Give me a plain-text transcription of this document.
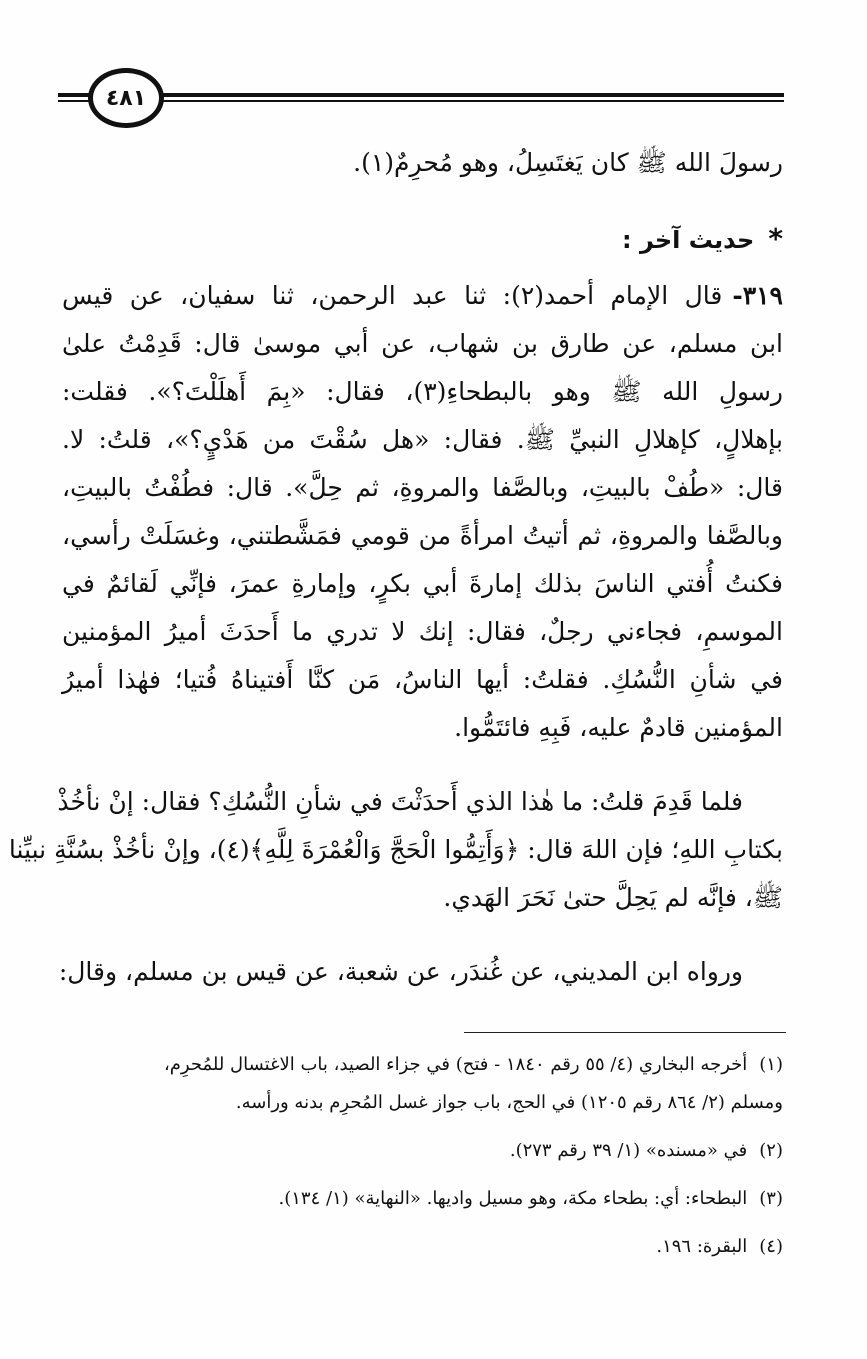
٤٨١
رسولَ الله ﷺ كان يَغتَسِلُ، وهو مُحرِمٌ(١).
*حديث آخر :
٣١٩-قال الإمام أحمد(٢): ثنا عبد الرحمن، ثنا سفيان، عن قيس
ابن مسلم، عن طارق بن شهاب، عن أبي موسىٰ قال: قَدِمْتُ علىٰ
رسولِ الله ﷺ وهو بالبطحاءِ(٣)، فقال: «بِمَ أَهلَلْتَ؟». فقلت:
بإهلالٍ، كإهلالِ النبيِّ ﷺ. فقال: «هل سُقْتَ من هَدْيٍ؟»، قلتُ: لا.
قال: «طُفْ بالبيتِ، وبالصَّفا والمروةِ، ثم حِلَّ». قال: فطُفْتُ بالبيتِ،
وبالصَّفا والمروةِ، ثم أتيتُ امرأةً من قومي فمَشَّطتني، وغسَلَتْ رأسي،
فكنتُ أُفتي الناسَ بذلك إمارةَ أبي بكرٍ، وإمارةِ عمرَ، فإنِّي لَقائمٌ في
الموسمِ، فجاءني رجلٌ، فقال: إنك لا تدري ما أَحدَثَ أميرُ المؤمنين
في شأنِ النُّسُكِ. فقلتُ: أيها الناسُ، مَن كنَّا أَفتيناهُ فُتيا؛ فهٰذا أميرُ
المؤمنين قادمٌ عليه، فَبِهِ فائتَمُّوا.
فلما قَدِمَ قلتُ: ما هٰذا الذي أَحدَثْتَ في شأنِ النُّسُكِ؟ فقال: إنْ نأخُذْ
بكتابِ اللهِ؛ فإن اللهَ قال: ﴿وَأَتِمُّوا الْحَجَّ وَالْعُمْرَةَ لِلَّهِ﴾(٤)، وإنْ نأخُذْ بسُنَّةِ نبيِّنا
ﷺ، فإنَّه لم يَحِلَّ حتىٰ نَحَرَ الهَدي.
ورواه ابن المديني، عن غُندَر، عن شعبة، عن قيس بن مسلم، وقال:
(١)أخرجه البخاري (٤/ ٥٥ رقم ١٨٤٠ - فتح) في جزاء الصيد، باب الاغتسال للمُحرِم،
ومسلم (٢/ ٨٦٤ رقم ١٢٠٥) في الحج، باب جواز غسل المُحرِم بدنه ورأسه.
(٢)في «مسنده» (١/ ٣٩ رقم ٢٧٣).
(٣)البطحاء: أي: بطحاء مكة، وهو مسيل واديها. «النهاية» (١/ ١٣٤).
(٤)البقرة: ١٩٦.
